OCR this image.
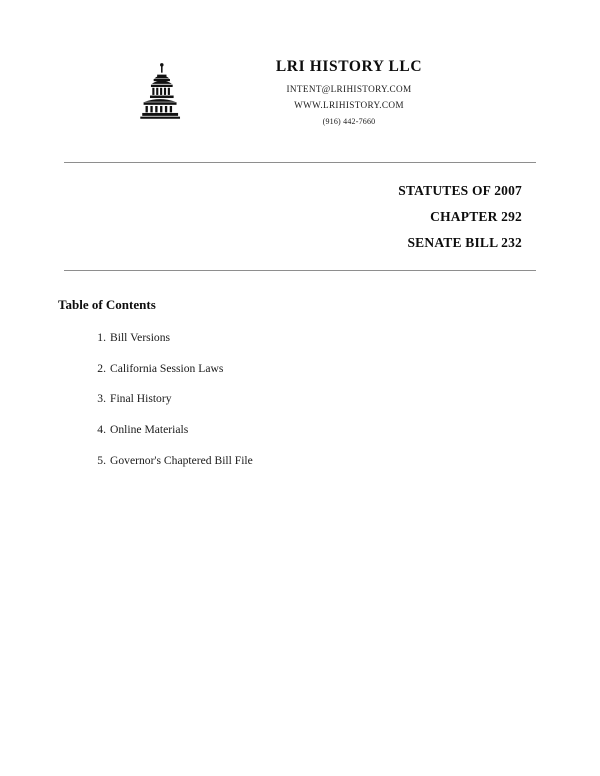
LRI HISTORY LLC
INTENT@LRIHISTORY.COM
WWW.LRIHISTORY.COM
(916) 442-7660
STATUTES OF 2007
CHAPTER 292
SENATE BILL 232
Table of Contents
1. Bill Versions
2. California Session Laws
3. Final History
4. Online Materials
5. Governor's Chaptered Bill File
